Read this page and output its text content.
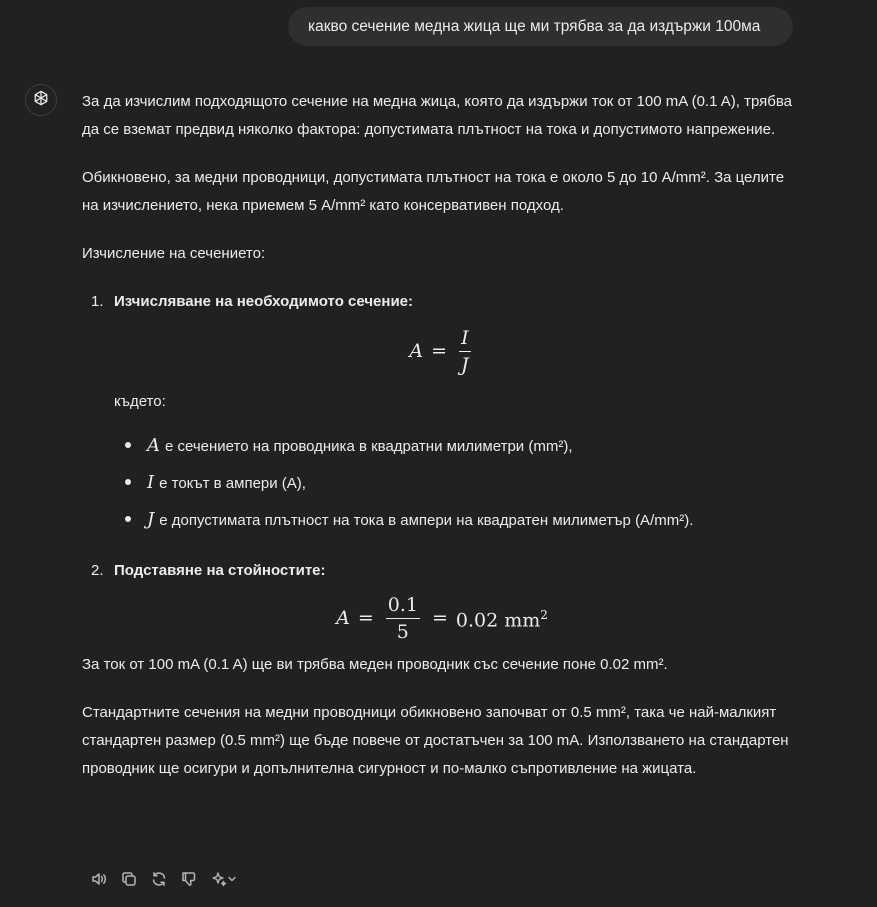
какво сечение медна жица ще ми трябва за да издържи 100ма

За да изчислим подходящото сечение на медна жица, която да издържи ток от 100 mA (0.1 A), трябва да се вземат предвид няколко фактора: допустимата плътност на тока и допустимото напрежение.

Обикновено, за медни проводници, допустимата плътност на тока е около 5 до 10 A/mm². За целите на изчислението, нека приемем 5 A/mm² като консервативен подход.

Изчисление на сечението:

1. Изчисляване на необходимото сечение:
$A = \frac{I}{J}$

където:

A е сечението на проводника в квадратни милиметри (mm²),
I е токът в ампери (A),
J е допустимата плътност на тока в ампери на квадратен милиметър (A/mm²).
2. Подставяне на стойностите:
$A = \frac{0.1}{5} = 0.02$ $mm^2$

За ток от 100 mA (0.1 A) ще ви трябва меден проводник със сечение поне 0.02 mm².

Стандартните сечения на медни проводници обикновено започват от 0.5 mm², така че най-малкият стандартен размер (0.5 mm²) ще бъде повече от достатъчен за 100 mA. Използването на стандартен проводник ще осигури и допълнителна сигурност и по-малко съпротивление на жицата.
